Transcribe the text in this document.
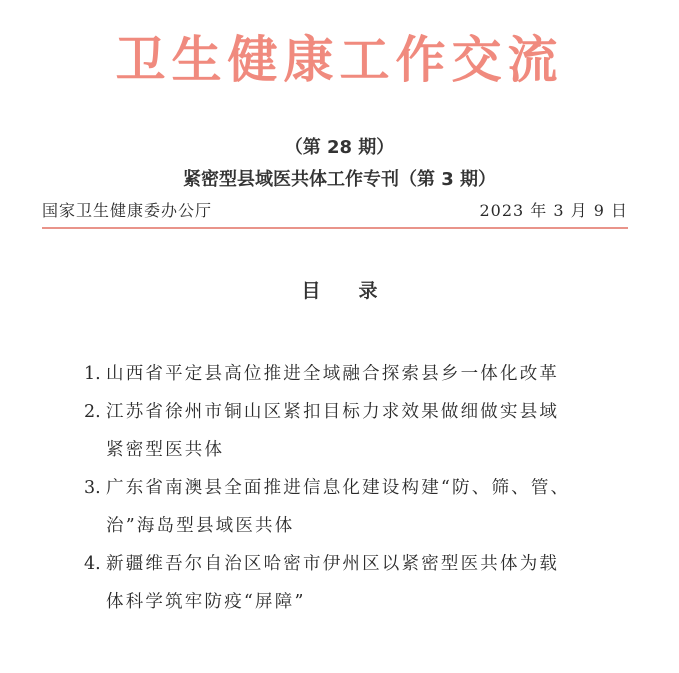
卫生健康工作交流
（第 28 期）
紧密型县域医共体工作专刊（第 3 期）
国家卫生健康委办公厅	2023 年 3 月 9 日
目录
1. 山西省平定县高位推进全域融合探索县乡一体化改革
2. 江苏省徐州市铜山区紧扣目标力求效果做细做实县域
紧密型医共体
3. 广东省南澳县全面推进信息化建设构建“防、筛、管、
治”海岛型县域医共体
4. 新疆维吾尔自治区哈密市伊州区以紧密型医共体为载
体科学筑牢防疫“屏障”
